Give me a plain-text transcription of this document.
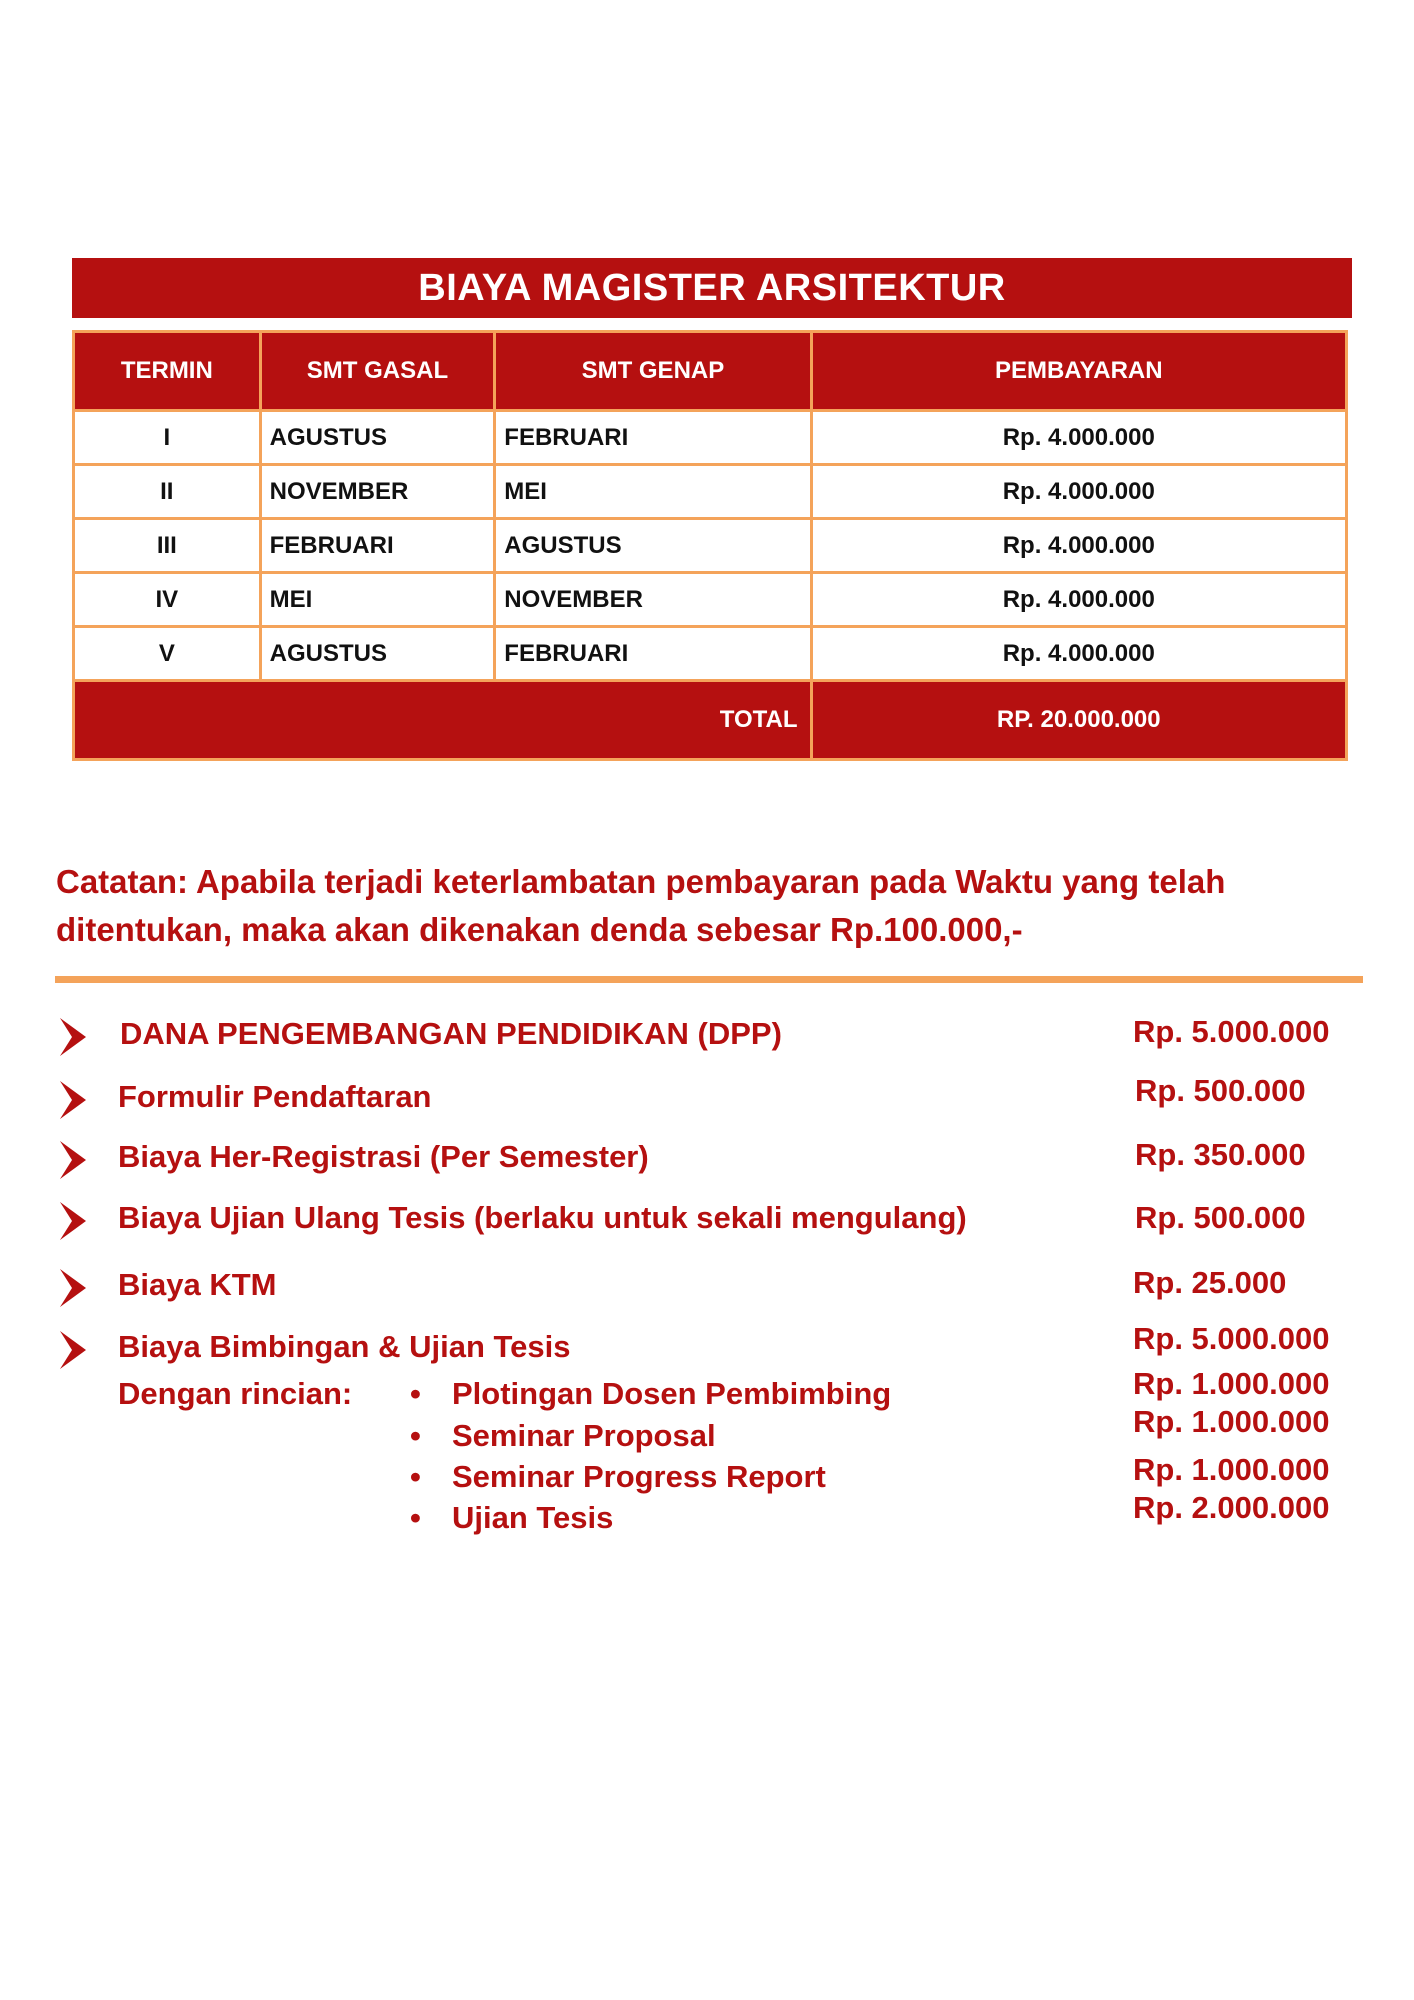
BIAYA MAGISTER ARSITEKTUR
TERMIN	SMT GASAL	SMT GENAP	PEMBAYARAN
I	AGUSTUS	FEBRUARI	Rp. 4.000.000
II	NOVEMBER	MEI	Rp. 4.000.000
III	FEBRUARI	AGUSTUS	Rp. 4.000.000
IV	MEI	NOVEMBER	Rp. 4.000.000
V	AGUSTUS	FEBRUARI	Rp. 4.000.000
TOTAL			RP. 20.000.000
Catatan: Apabila terjadi keterlambatan pembayaran pada Waktu yang telah ditentukan, maka akan dikenakan denda sebesar Rp.100.000,-
DANA PENGEMBANGAN PENDIDIKAN (DPP)	Rp. 5.000.000
Formulir Pendaftaran	Rp. 500.000
Biaya Her-Registrasi (Per Semester)	Rp. 350.000
Biaya Ujian Ulang Tesis (berlaku untuk sekali mengulang)	Rp. 500.000
Biaya KTM	Rp. 25.000
Biaya Bimbingan & Ujian Tesis	Rp. 5.000.000
Dengan rincian: • Plotingan Dosen Pembimbing	Rp. 1.000.000
• Seminar Proposal	Rp. 1.000.000
• Seminar Progress Report	Rp. 1.000.000
• Ujian Tesis	Rp. 2.000.000
